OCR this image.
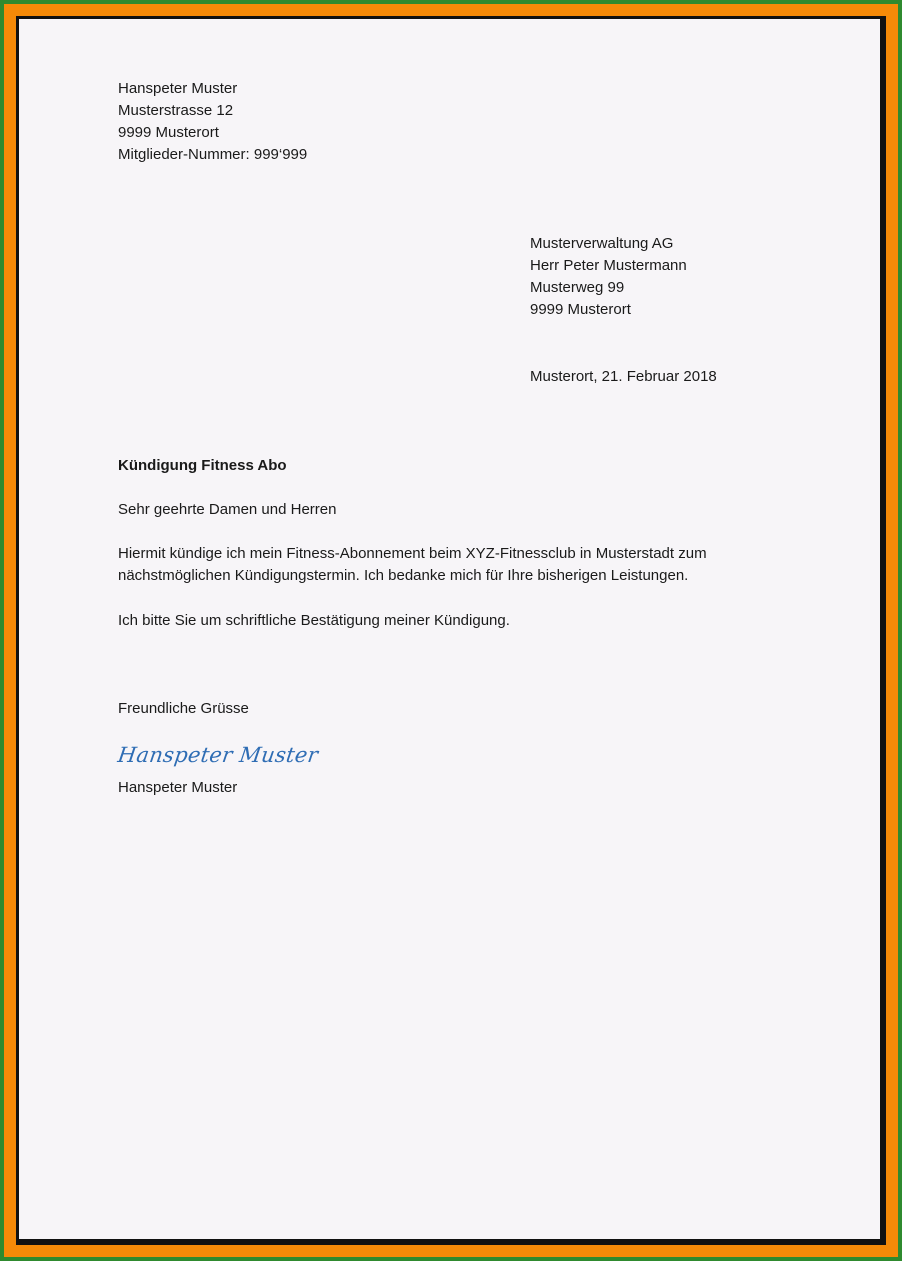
Hanspeter Muster
Musterstrasse 12
9999 Musterort
Mitglieder-Nummer: 999‘999
Musterverwaltung AG
Herr Peter Mustermann
Musterweg 99
9999 Musterort
Musterort, 21. Februar 2018
Kündigung Fitness Abo
Sehr geehrte Damen und Herren
Hiermit kündige ich mein Fitness-Abonnement beim XYZ-Fitnessclub in Musterstadt zum
nächstmöglichen Kündigungstermin. Ich bedanke mich für Ihre bisherigen Leistungen.
Ich bitte Sie um schriftliche Bestätigung meiner Kündigung.
Freundliche Grüsse
Hanspeter Muster
Hanspeter Muster
